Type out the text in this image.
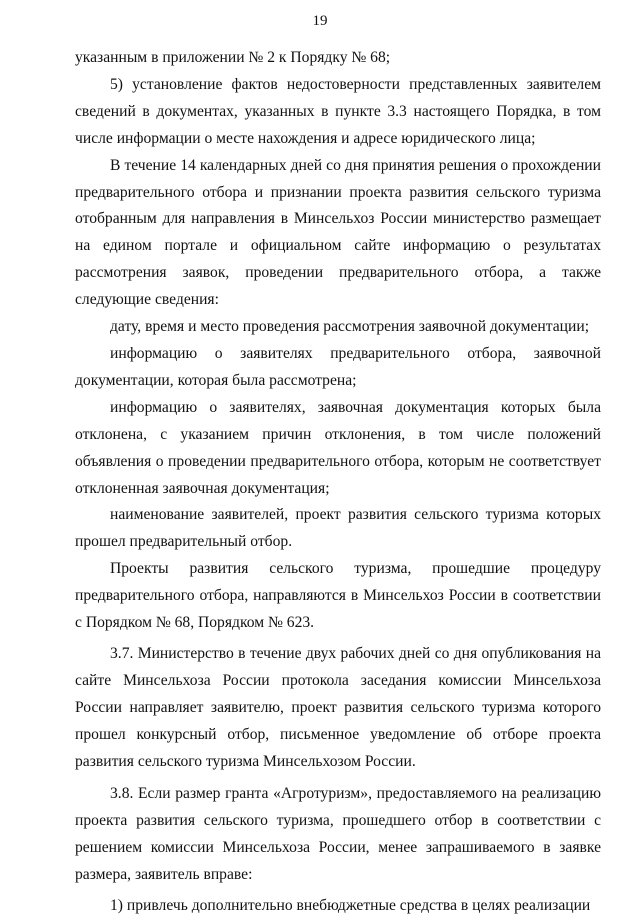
19

указанным в приложении № 2 к Порядку № 68;

5) установление фактов недостоверности представленных заявителем сведений в документах, указанных в пункте 3.3 настоящего Порядка, в том числе информации о месте нахождения и адресе юридического лица;

В течение 14 календарных дней со дня принятия решения о прохождении предварительного отбора и признании проекта развития сельского туризма отобранным для направления в Минсельхоз России министерство размещает на едином портале и официальном сайте информацию о результатах рассмотрения заявок, проведении предварительного отбора, а также следующие сведения:

дату, время и место проведения рассмотрения заявочной документации;

информацию о заявителях предварительного отбора, заявочной документации, которая была рассмотрена;

информацию о заявителях, заявочная документация которых была отклонена, с указанием причин отклонения, в том числе положений объявления о проведении предварительного отбора, которым не соответствует отклоненная заявочная документация;

наименование заявителей, проект развития сельского туризма которых прошел предварительный отбор.

Проекты развития сельского туризма, прошедшие процедуру предварительного отбора, направляются в Минсельхоз России в соответствии с Порядком № 68, Порядком № 623.

3.7. Министерство в течение двух рабочих дней со дня опубликования на сайте Минсельхоза России протокола заседания комиссии Минсельхоза России направляет заявителю, проект развития сельского туризма которого прошел конкурсный отбор, письменное уведомление об отборе проекта развития сельского туризма Минсельхозом России.

3.8. Если размер гранта «Агротуризм», предоставляемого на реализацию проекта развития сельского туризма, прошедшего отбор в соответствии с решением комиссии Минсельхоза России, менее запрашиваемого в заявке размера, заявитель вправе:

1) привлечь дополнительно внебюджетные средства в целях реализации
